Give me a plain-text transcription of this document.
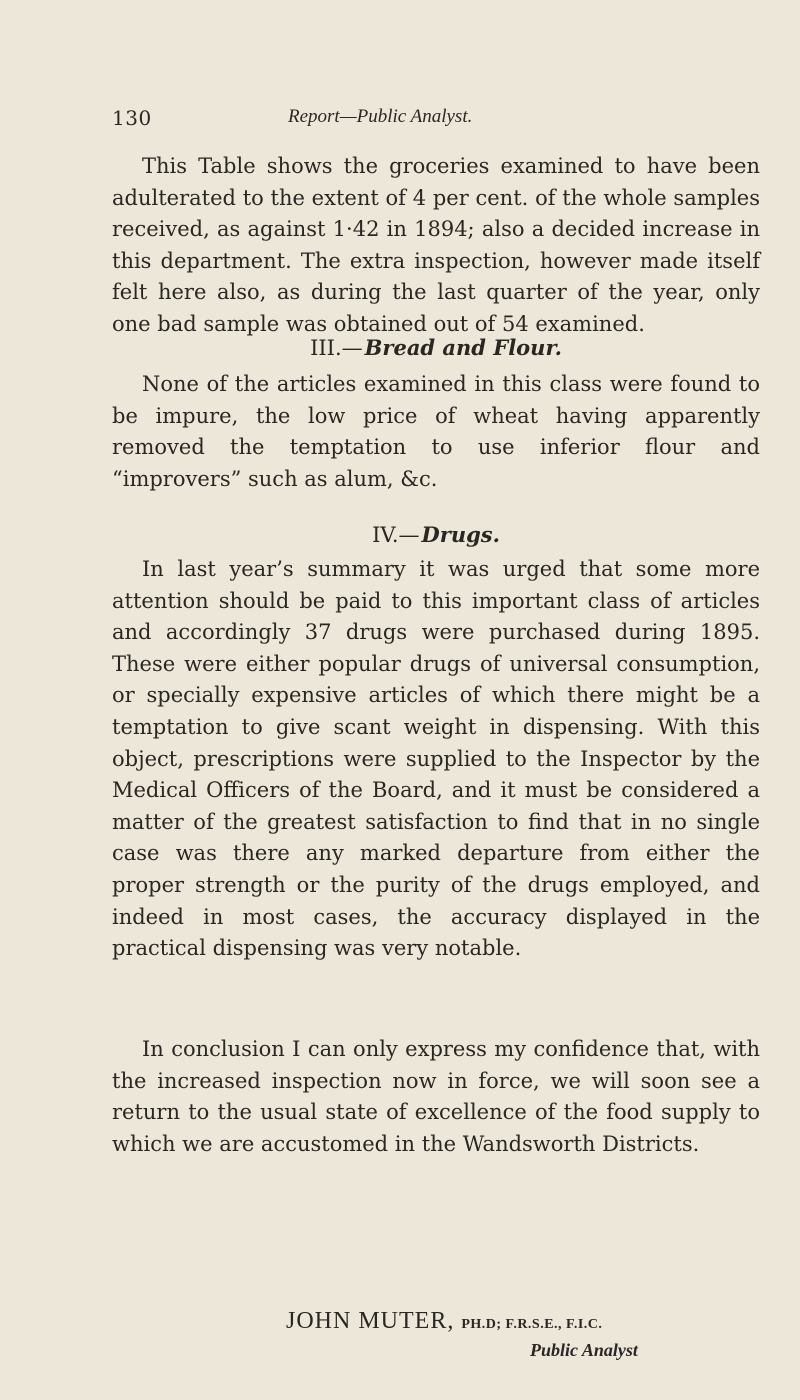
130	Report—Public Analyst.

This Table shows the groceries examined to have been adulterated to the extent of 4 per cent. of the whole samples received, as against 1·42 in 1894; also a decided increase in this department. The extra inspection, however made itself felt here also, as during the last quarter of the year, only one bad sample was obtained out of 54 examined.

III.—Bread and Flour.

None of the articles examined in this class were found to be impure, the low price of wheat having apparently removed the temptation to use inferior flour and “improvers” such as alum, &c.

IV.—Drugs.

In last year’s summary it was urged that some more attention should be paid to this important class of articles and accordingly 37 drugs were purchased during 1895. These were either popular drugs of universal consumption, or specially expensive articles of which there might be a temptation to give scant weight in dispensing. With this object, prescriptions were supplied to the Inspector by the Medical Officers of the Board, and it must be considered a matter of the greatest satisfaction to find that in no single case was there any marked departure from either the proper strength or the purity of the drugs employed, and indeed in most cases, the accuracy displayed in the practical dispensing was very notable.

In conclusion I can only express my confidence that, with the increased inspection now in force, we will soon see a return to the usual state of excellence of the food supply to which we are accustomed in the Wandsworth Districts.

JOHN MUTER, PH.D; F.R.S.E., F.I.C.
Public Analyst
